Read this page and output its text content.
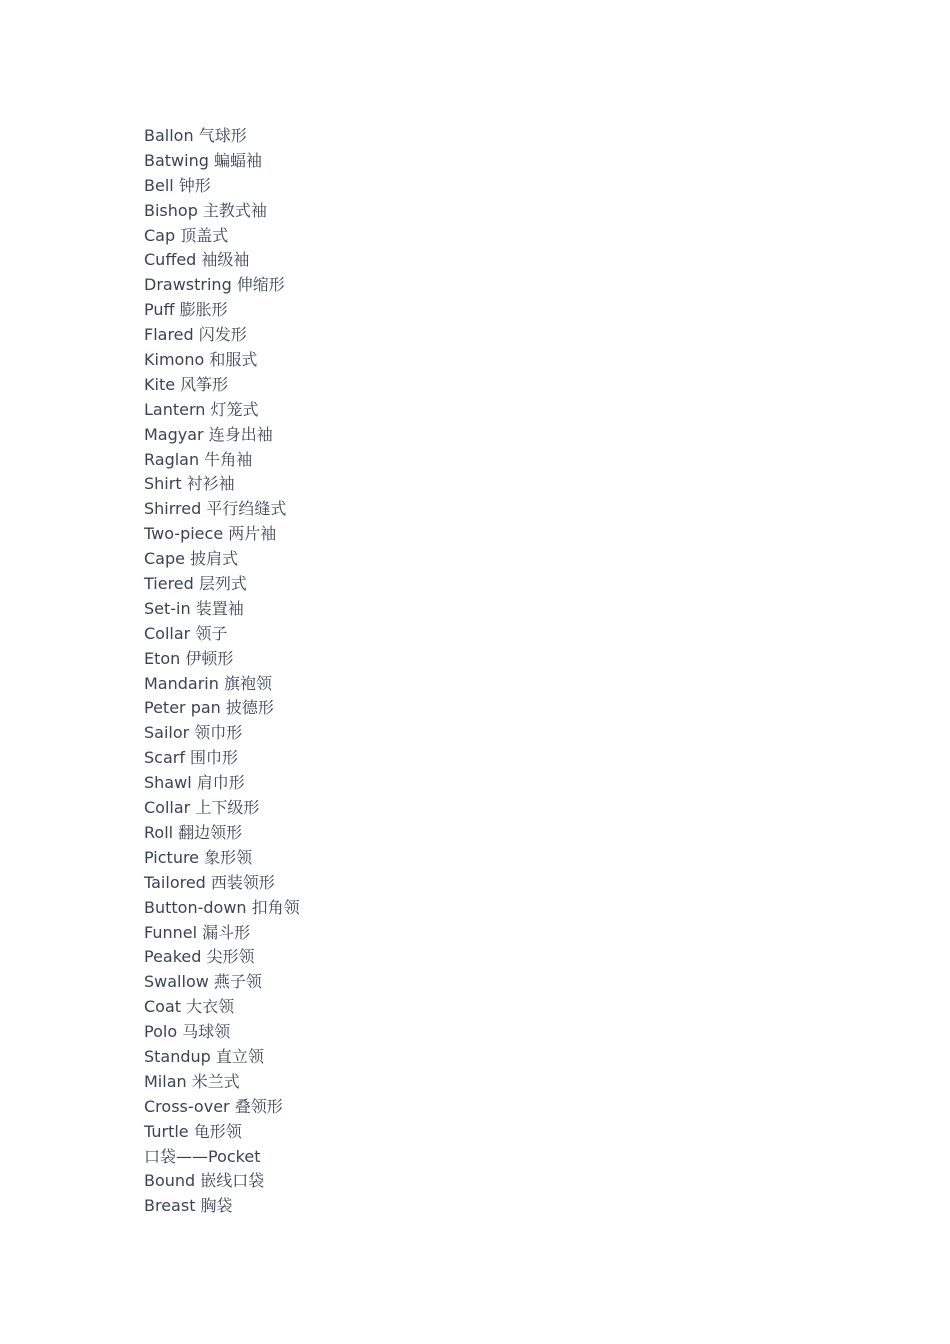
Ballon 气球形
Batwing 蝙蝠袖
Bell 钟形
Bishop 主教式袖
Cap 顶盖式
Cuffed 袖级袖
Drawstring 伸缩形
Puff 膨胀形
Flared 闪发形
Kimono 和服式
Kite 风筝形
Lantern 灯笼式
Magyar 连身出袖
Raglan 牛角袖
Shirt 衬衫袖
Shirred 平行绉缝式
Two-piece 两片袖
Cape 披肩式
Tiered 层列式
Set-in 装置袖
Collar 领子
Eton 伊顿形
Mandarin 旗袍领
Peter pan 披德形
Sailor 领巾形
Scarf 围巾形
Shawl 肩巾形
Collar 上下级形
Roll 翻边领形
Picture 象形领
Tailored 西装领形
Button-down 扣角领
Funnel 漏斗形
Peaked 尖形领
Swallow 燕子领
Coat 大衣领
Polo 马球领
Standup 直立领
Milan 米兰式
Cross-over 叠领形
Turtle 龟形领
口袋——Pocket
Bound 嵌线口袋
Breast 胸袋
